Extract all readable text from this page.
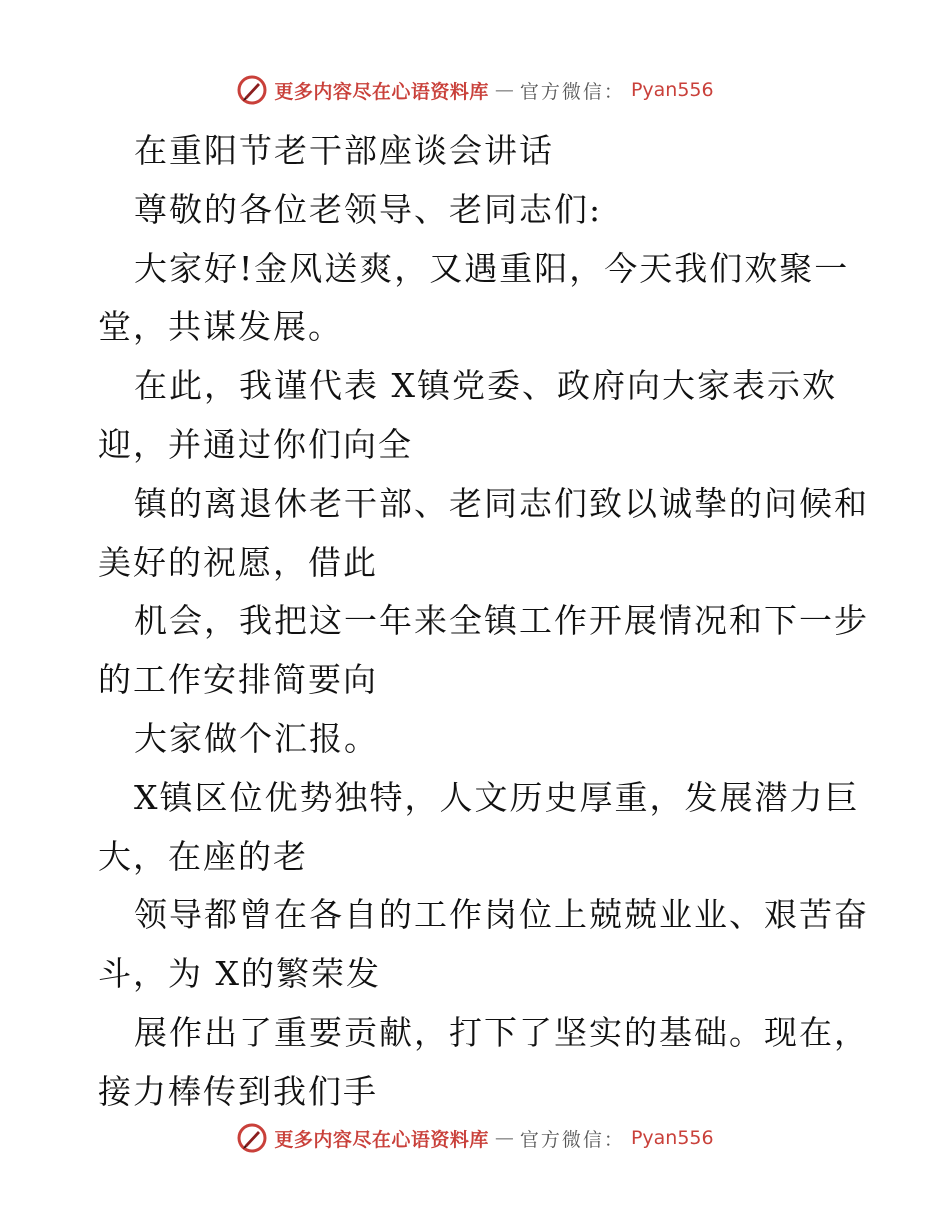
更多内容尽在心语资料库 — 官方微信： Pyan556
在重阳节老干部座谈会讲话
尊敬的各位老领导、老同志们:
大家好!金风送爽，又遇重阳，今天我们欢聚一
堂，共谋发展。
在此，我谨代表 X镇党委、政府向大家表示欢
迎，并通过你们向全
镇的离退休老干部、老同志们致以诚挚的问候和
美好的祝愿，借此
机会，我把这一年来全镇工作开展情况和下一步
的工作安排简要向
大家做个汇报。
X镇区位优势独特，人文历史厚重，发展潜力巨
大，在座的老
领导都曾在各自的工作岗位上兢兢业业、艰苦奋
斗，为 X的繁荣发
展作出了重要贡献，打下了坚实的基础。现在，
接力棒传到我们手
更多内容尽在心语资料库 — 官方微信： Pyan556
